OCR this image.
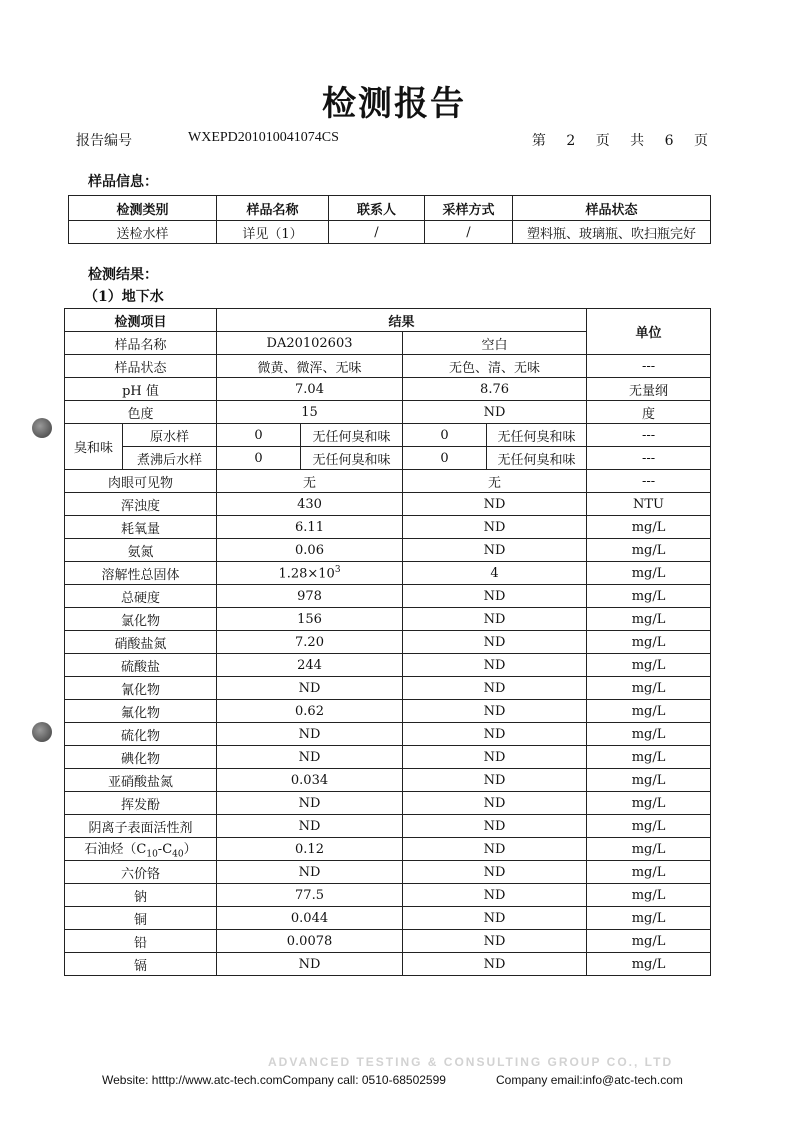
检测报告
报告编号	WXEPD201010041074CS	第 2 页 共 6 页
样品信息：
检测类别	样品名称	联系人	采样方式	样品状态
送检水样	详见（1）	/	/	塑料瓶、玻璃瓶、吹扫瓶完好
检测结果：
（1）地下水
检测项目		结果				单位
样品名称		DA20102603		空白		
样品状态		微黄、微浑、无味		无色、清、无味		---
pH 值		7.04		8.76		无量纲
色度		15		ND		度
臭和味	原水样	0	无任何臭和味	0	无任何臭和味	---
	煮沸后水样	0	无任何臭和味	0	无任何臭和味	---
肉眼可见物		无		无		---
浑浊度		430		ND		NTU
耗氧量		6.11		ND		mg/L
氨氮		0.06		ND		mg/L
溶解性总固体		$1.28\times 10^3$		4		mg/L
总硬度		978		ND		mg/L
氯化物		156		ND		mg/L
硝酸盐氮		7.20		ND		mg/L
硫酸盐		244		ND		mg/L
氰化物		ND		ND		mg/L
氟化物		0.62		ND		mg/L
硫化物		ND		ND		mg/L
碘化物		ND		ND		mg/L
亚硝酸盐氮		0.034		ND		mg/L
挥发酚		ND		ND		mg/L
阴离子表面活性剂		ND		ND		mg/L
石油烃$(C_{10}-C_{40})$		0.12		ND		mg/L
六价铬		ND		ND		mg/L
钠		77.5		ND		mg/L
铜		0.044		ND		mg/L
铅		0.0078		ND		mg/L
镉		ND		ND		mg/L
ADVANCED TESTING & CONSULTING GROUP CO., LTD
Website: htttp://www.atc-tech.comCompany call: 0510-68502599	Company email:info@atc-tech.com
